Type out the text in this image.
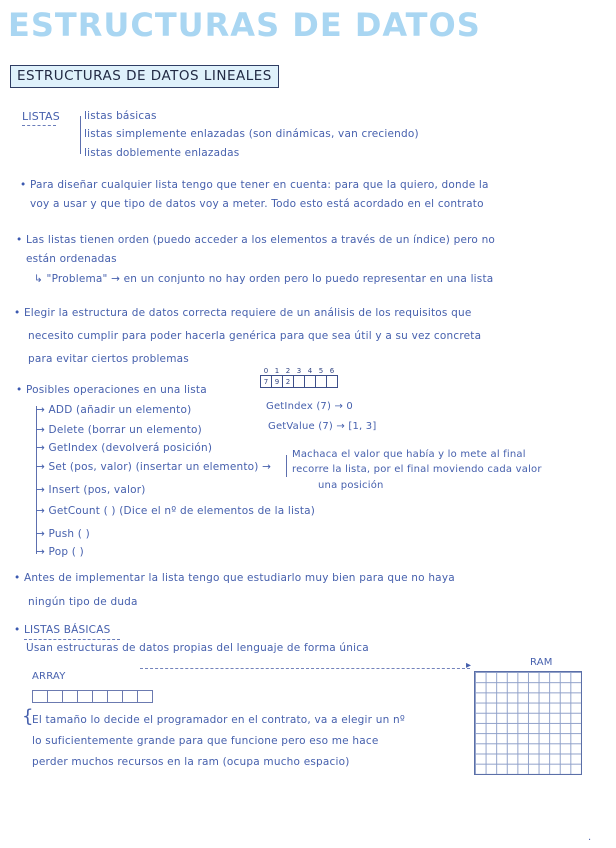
ESTRUCTURAS DE DATOS
ESTRUCTURAS DE DATOS LINEALES
LISTAS listas básicas
listas simplemente enlazadas (son dinámicas, van creciendo)
listas doblemente enlazadas
• Para diseñar cualquier lista tengo que tener en cuenta: para que la quiero, donde la
voy a usar y que tipo de datos voy a meter. Todo esto está acordado en el contrato
• Las listas tienen orden (puedo acceder a los elementos a través de un índice) pero no
están ordenadas
↳ "Problema" → en un conjunto no hay orden pero lo puedo representar en una lista
• Elegir la estructura de datos correcta requiere de un análisis de los requisitos que
necesito cumplir para poder hacerla genérica para que sea útil y a su vez concreta
para evitar ciertos problemas
• Posibles operaciones en una lista
→ ADD (añadir un elemento)
→ Delete (borrar un elemento)
→ GetIndex (devolverá posición)
→ Set (pos, valor) (insertar un elemento) →
→ Insert (pos, valor)
→ GetCount ( ) (Dice el nº de elementos de la lista)
→ Push ( )
→ Pop ( )
Machaca el valor que había y lo mete al final
recorre la lista, por el final moviendo cada valor
una posición
0	1	2	3	4	5	6
7	9	2				
GetIndex (7) → 0
GetValue (7) → [1, 3]
• Antes de implementar la lista tengo que estudiarlo muy bien para que no haya
ningún tipo de duda
• LISTAS BÁSICAS
Usan estructuras de datos propias del lenguaje de forma única
ARRAY
▸	RAM
{
El tamaño lo decide el programador en el contrato, va a elegir un nº
lo suficientemente grande para que funcione pero eso me hace
perder muchos recursos en la ram (ocupa mucho espacio)
.
